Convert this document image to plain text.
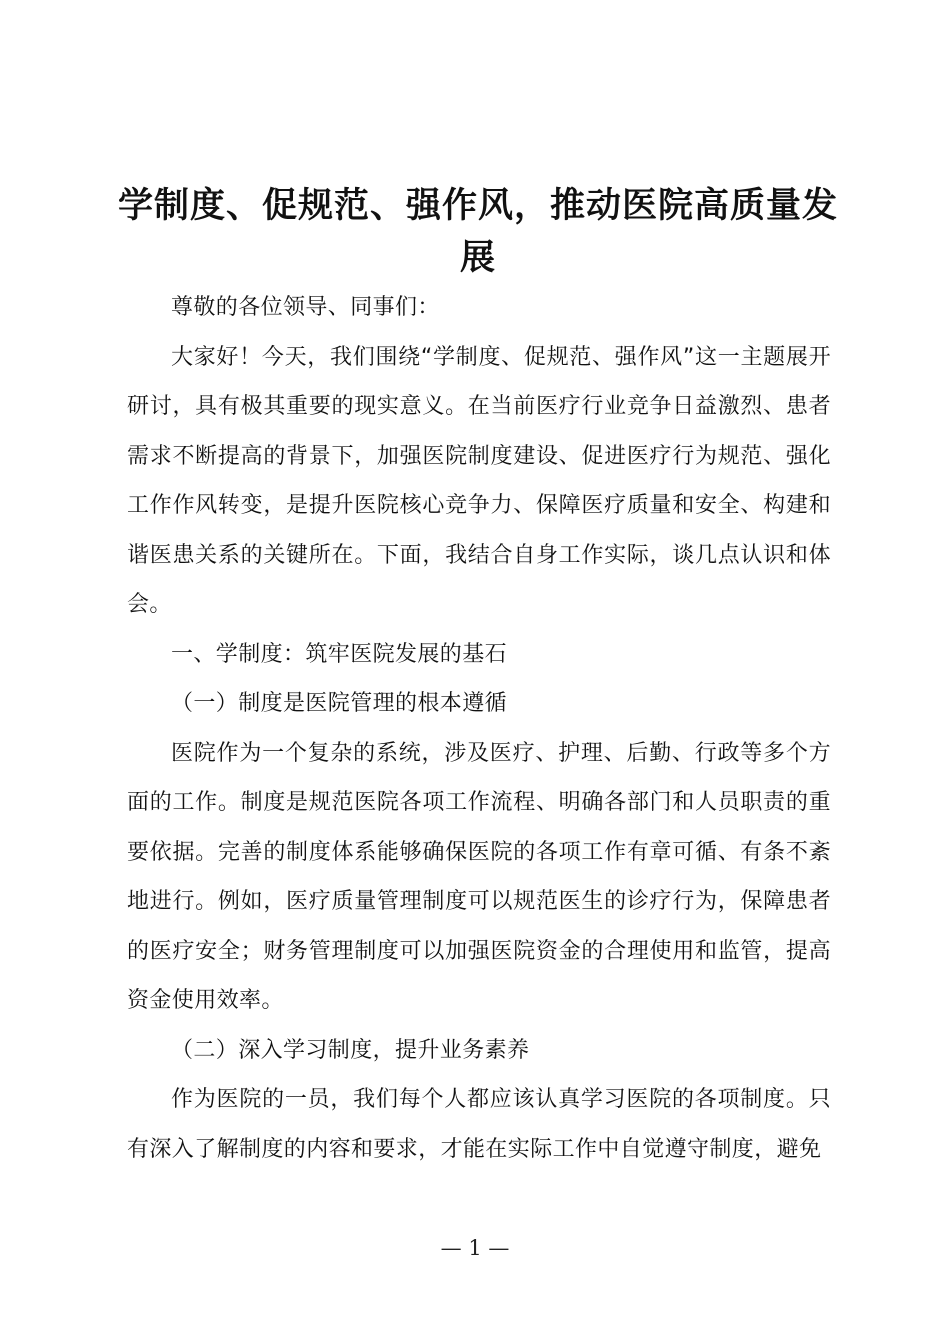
学制度、促规范、强作风，推动医院高质量发展

尊敬的各位领导、同事们：

大家好！今天，我们围绕“学制度、促规范、强作风”这一主题展开研讨，具有极其重要的现实意义。在当前医疗行业竞争日益激烈、患者需求不断提高的背景下，加强医院制度建设、促进医疗行为规范、强化工作作风转变，是提升医院核心竞争力、保障医疗质量和安全、构建和谐医患关系的关键所在。下面，我结合自身工作实际，谈几点认识和体会。

一、学制度：筑牢医院发展的基石

（一）制度是医院管理的根本遵循

医院作为一个复杂的系统，涉及医疗、护理、后勤、行政等多个方面的工作。制度是规范医院各项工作流程、明确各部门和人员职责的重要依据。完善的制度体系能够确保医院的各项工作有章可循、有条不紊地进行。例如，医疗质量管理制度可以规范医生的诊疗行为，保障患者的医疗安全；财务管理制度可以加强医院资金的合理使用和监管，提高资金使用效率。

（二）深入学习制度，提升业务素养

作为医院的一员，我们每个人都应该认真学习医院的各项制度。只有深入了解制度的内容和要求，才能在实际工作中自觉遵守制度，避免

— 1 —
